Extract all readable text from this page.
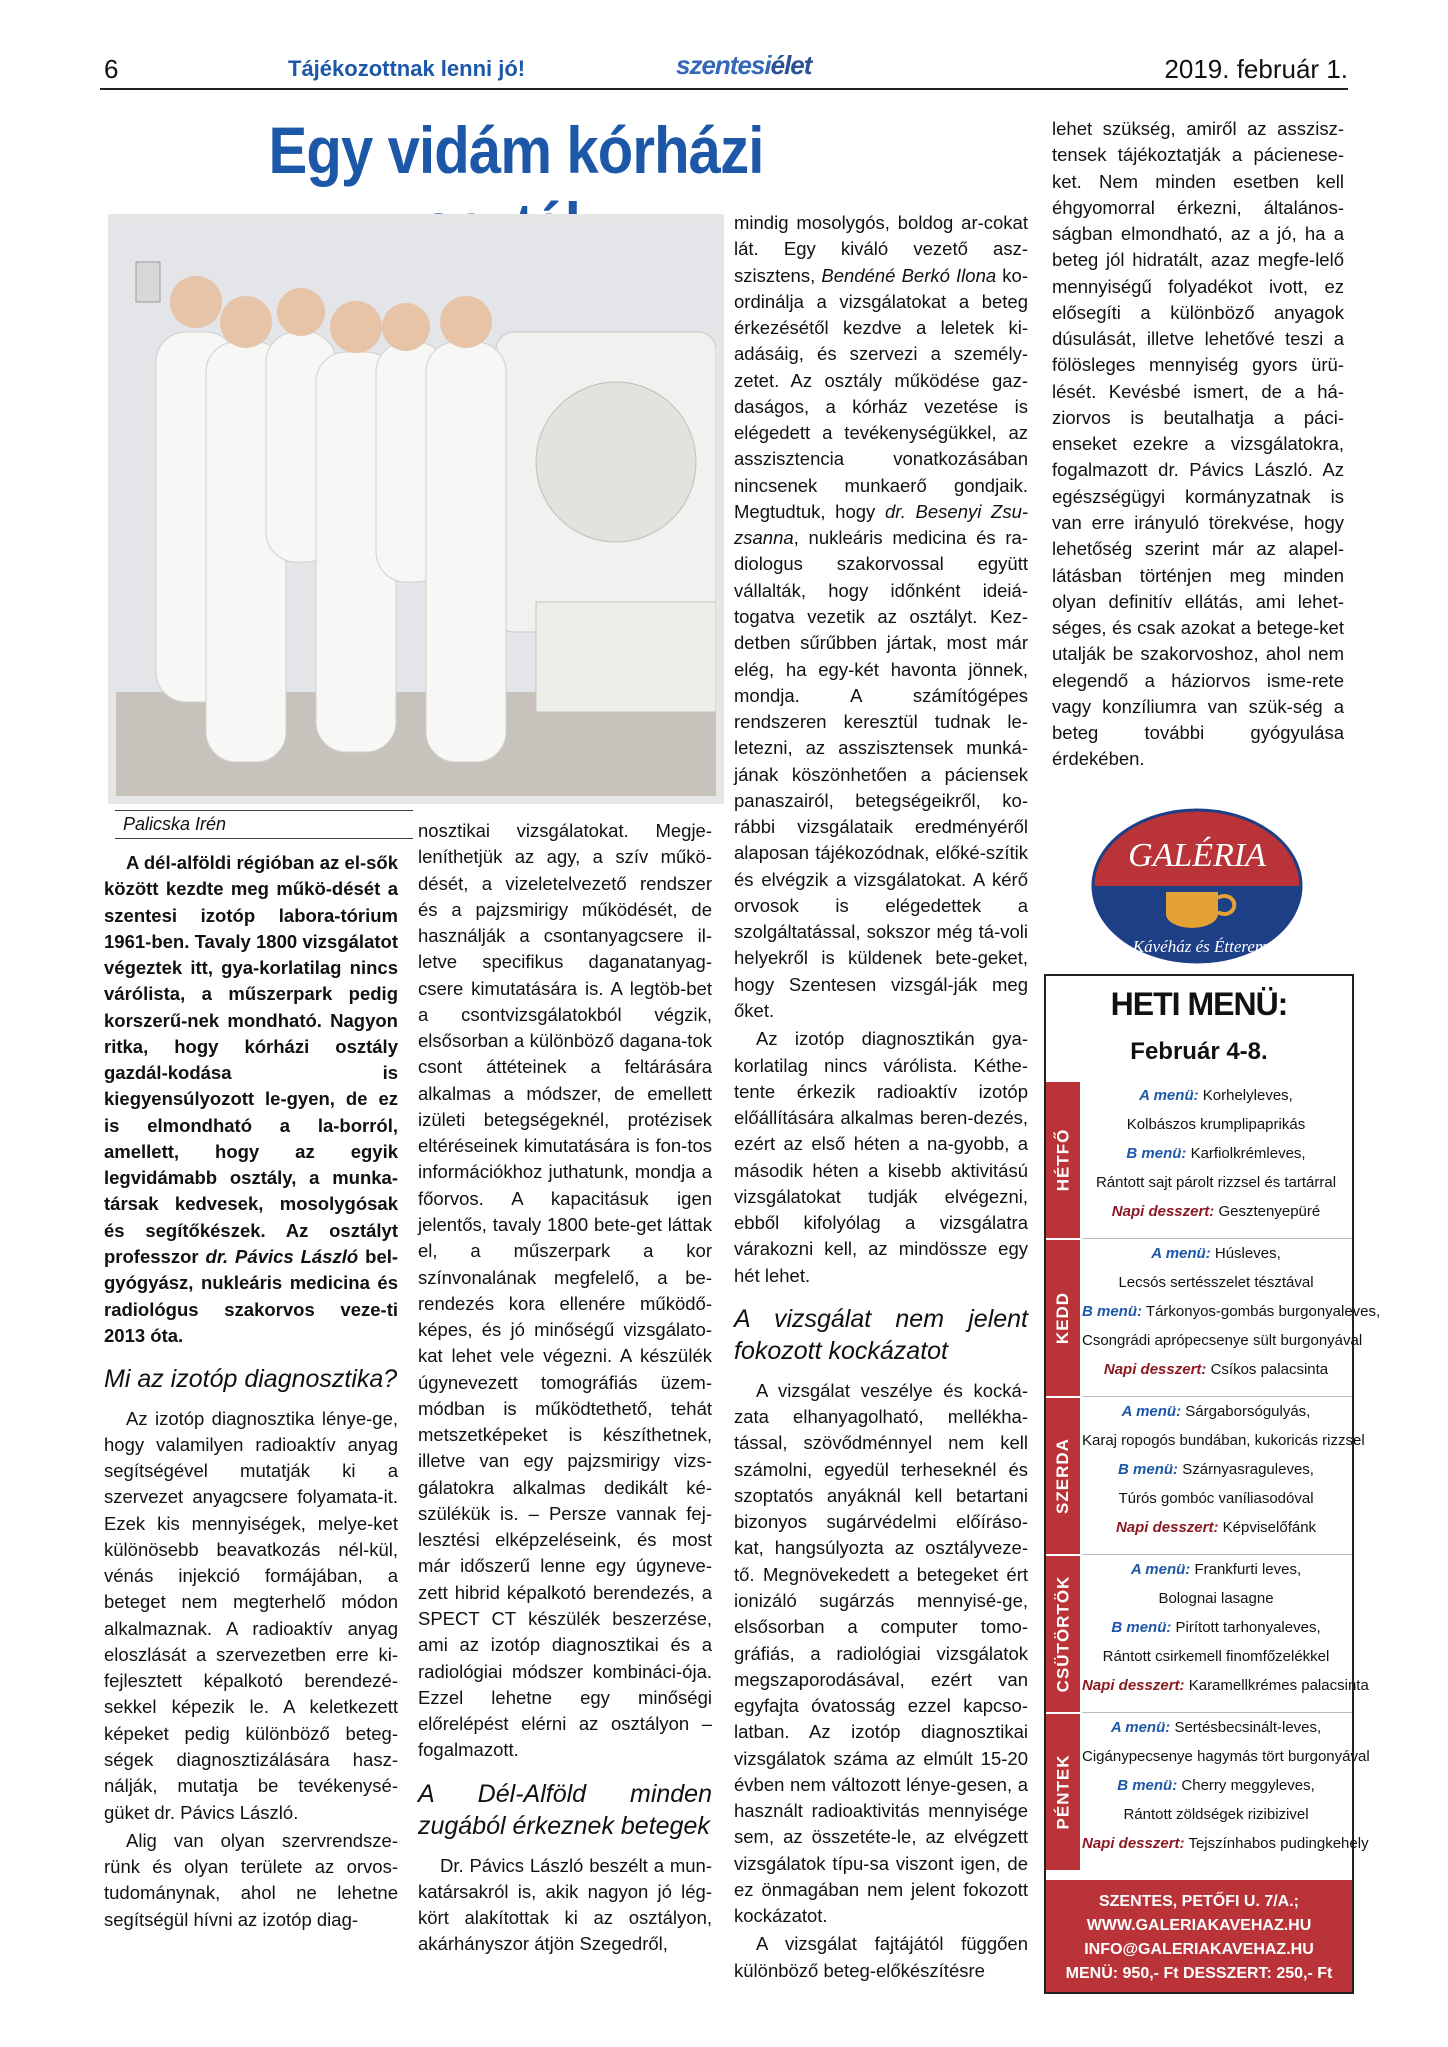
6	Tájékozottnak lenni jó!	szentesiélet	2019. február 1.
Egy vidám kórházi
Palicska Irén

A dél-alföldi régióban az el-sők között kezdte meg műkö-dését a szentesi izotóp labora-tórium 1961-ben. Tavaly 1800 vizsgálatot végeztek itt, gya-korlatilag nincs várólista, a műszerpark pedig korszerű-nek mondható. Nagyon ritka, hogy kórházi osztály gazdál-kodása is kiegyensúlyozott le-gyen, de ez is elmondható a la-borról, amellett, hogy az egyik legvidámabb osztály, a munka-társak kedvesek, mosolygósak és segítőkészek. Az osztályt professzor dr. Pávics László bel-gyógyász, nukleáris medicina és radiológus szakorvos veze-ti 2013 óta.

Mi az izotóp diagnosztika?

Az izotóp diagnosztika lénye-ge, hogy valamilyen radioaktív anyag segítségével mutatják ki a szervezet anyagcsere folyamata-it. Ezek kis mennyiségek, melye-ket különösebb beavatkozás nél-kül, vénás injekció formájában, a beteget nem megterhelő módon alkalmaznak. A radioaktív anyag eloszlását a szervezetben erre ki-fejlesztett képalkotó berendezé-sekkel képezik le. A keletkezett képeket pedig különböző beteg-ségek diagnosztizálására hasz-nálják, mutatja be tevékenysé-güket dr. Pávics László.

Alig van olyan szervrendsze-rünk és olyan területe az orvos-tudománynak, ahol ne lehetne segítségül hívni az izotóp diag-

nosztikai vizsgálatokat. Megje-leníthetjük az agy, a szív műkö-dését, a vizeletelvezető rendszer és a pajzsmirigy működését, de használják a csontanyagcsere il-letve specifikus daganatanyag-csere kimutatására is. A legtöb-bet a csontvizsgálatokból végzik, elsősorban a különböző dagana-tok csont áttéteinek a feltárására alkalmas a módszer, de emellett izületi betegségeknél, protézisek eltéréseinek kimutatására is fon-tos információkhoz juthatunk, mondja a főorvos. A kapacitásuk igen jelentős, tavaly 1800 bete-get láttak el, a műszerpark a kor színvonalának megfelelő, a be-rendezés kora ellenére működő-képes, és jó minőségű vizsgálato-kat lehet vele végezni. A készülék úgynevezett tomográfiás üzem-módban is működtethető, tehát metszetképeket is készíthetnek, illetve van egy pajzsmirigy vizs-gálatokra alkalmas dedikált ké-szülékük is. – Persze vannak fej-lesztési elképzeléseink, és most már időszerű lenne egy úgyneve-zett hibrid képalkotó berendezés, a SPECT CT készülék beszerzése, ami az izotóp diagnosztikai és a radiológiai módszer kombináci-ója. Ezzel lehetne egy minőségi előrelépést elérni az osztályon – fogalmazott.

A Dél-Alföld minden zugából érkeznek betegek

Dr. Pávics László beszélt a mun-katársakról is, akik nagyon jó lég-kört alakítottak ki az osztályon, akárhányszor átjön Szegedről,

mindig mosolygós, boldog ar-cokat lát. Egy kiváló vezető asz-szisztens, Bendéné Berkó Ilona ko-ordinálja a vizsgálatokat a beteg érkezésétől kezdve a leletek ki-adásáig, és szervezi a személy-zetet. Az osztály működése gaz-daságos, a kórház vezetése is elégedett a tevékenységükkel, az asszisztencia vonatkozásában nincsenek munkaerő gondjaik. Megtudtuk, hogy dr. Besenyi Zsu-zsanna, nukleáris medicina és ra-diologus szakorvossal együtt vállalták, hogy időnként ideiá-togatva vezetik az osztályt. Kez-detben sűrűbben jártak, most már elég, ha egy-két havonta jönnek, mondja. A számítógépes rendszeren keresztül tudnak le-letezni, az asszisztensek munká-jának köszönhetően a páciensek panaszairól, betegségeikről, ko-rábbi vizsgálataik eredményéről alaposan tájékozódnak, előké-szítik és elvégzik a vizsgálatokat. A kérő orvosok is elégedettek a szolgáltatással, sokszor még tá-voli helyekről is küldenek bete-geket, hogy Szentesen vizsgál-ják meg őket.

Az izotóp diagnosztikán gya-korlatilag nincs várólista. Kéthe-tente érkezik radioaktív izotóp előállítására alkalmas beren-dezés, ezért az első héten a na-gyobb, a második héten a kisebb aktivitású vizsgálatokat tudják elvégezni, ebből kifolyólag a vizsgálatra várakozni kell, az mindössze egy hét lehet.

A vizsgálat nem jelent fokozott kockázatot

A vizsgálat veszélye és kocká-zata elhanyagolható, mellékha-tással, szövődménnyel nem kell számolni, egyedül terheseknél és szoptatós anyáknál kell betartani bizonyos sugárvédelmi előíráso-kat, hangsúlyozta az osztályveze-tő. Megnövekedett a betegeket ért ionizáló sugárzás mennyisé-ge, elsősorban a computer tomo-gráfiás, a radiológiai vizsgálatok megszaporodásával, ezért van egyfajta óvatosság ezzel kapcso-latban. Az izotóp diagnosztikai vizsgálatok száma az elmúlt 15-20 évben nem változott lénye-gesen, a használt radioaktivitás mennyisége sem, az összetéte-le, az elvégzett vizsgálatok típu-sa viszont igen, de ez önmagában nem jelent fokozott kockázatot.

A vizsgálat fajtájától függően különböző beteg-előkészítésre

lehet szükség, amiről az asszisz-tensek tájékoztatják a pácienese-ket. Nem minden esetben kell éhgyomorral érkezni, általános-ságban elmondható, az a jó, ha a beteg jól hidratált, azaz megfe-lelő mennyiségű folyadékot ivott, ez elősegíti a különböző anyagok dúsulását, illetve lehetővé teszi a fölösleges mennyiség gyors ürü-lését. Kevésbé ismert, de a há-ziorvos is beutalhatja a páci-enseket ezekre a vizsgálatokra, fogalmazott dr. Pávics László. Az egészségügyi kormányzatnak is van erre irányuló törekvése, hogy lehetőség szerint már az alapel-látásban történjen meg minden olyan definitív ellátás, ami lehet-séges, és csak azokat a betege-ket utalják be szakorvoshoz, ahol nem elegendő a háziorvos isme-rete vagy konzíliumra van szük-ség a beteg további gyógyulása érdekében.

GALÉRIA
Kávéház és Étterem
HETI MENÜ:
Február 4-8.
HÉTFŐ
A menü: Korhelyleves,
Kolbászos krumplipaprikás
B menü: Karfiolkrémleves,
Rántott sajt párolt rizzsel és tartárral
Napi desszert: Gesztenyepüré
KEDD
A menü: Húsleves,
Lecsós sertésszelet tésztával
B menü: Tárkonyos-gombás burgonyaleves,
Csongrádi aprópecsenye sült burgonyával
Napi desszert: Csíkos palacsinta
SZERDA
A menü: Sárgaborsógulyás,
Karaj ropogós bundában, kukoricás rizzsel
B menü: Szárnyasraguleves,
Túrós gombóc vaníliasodóval
Napi desszert: Képviselőfánk
CSÜTÖRTÖK
A menü: Frankfurti leves,
Bolognai lasagne
B menü: Pirított tarhonyaleves,
Rántott csirkemell finomfőzelékkel
Napi desszert: Karamellkrémes palacsinta
PÉNTEK
A menü: Sertésbecsinált-leves,
Cigánypecsenye hagymás tört burgonyával
B menü: Cherry meggyleves,
Rántott zöldségek rizibizivel
Napi desszert: Tejszínhabos pudingkehely
SZENTES, PETŐFI U. 7/A.;
WWW.GALERIAKAVEHAZ.HU
INFO@GALERIAKAVEHAZ.HU
MENÜ: 950,- Ft DESSZERT: 250,- Ft
